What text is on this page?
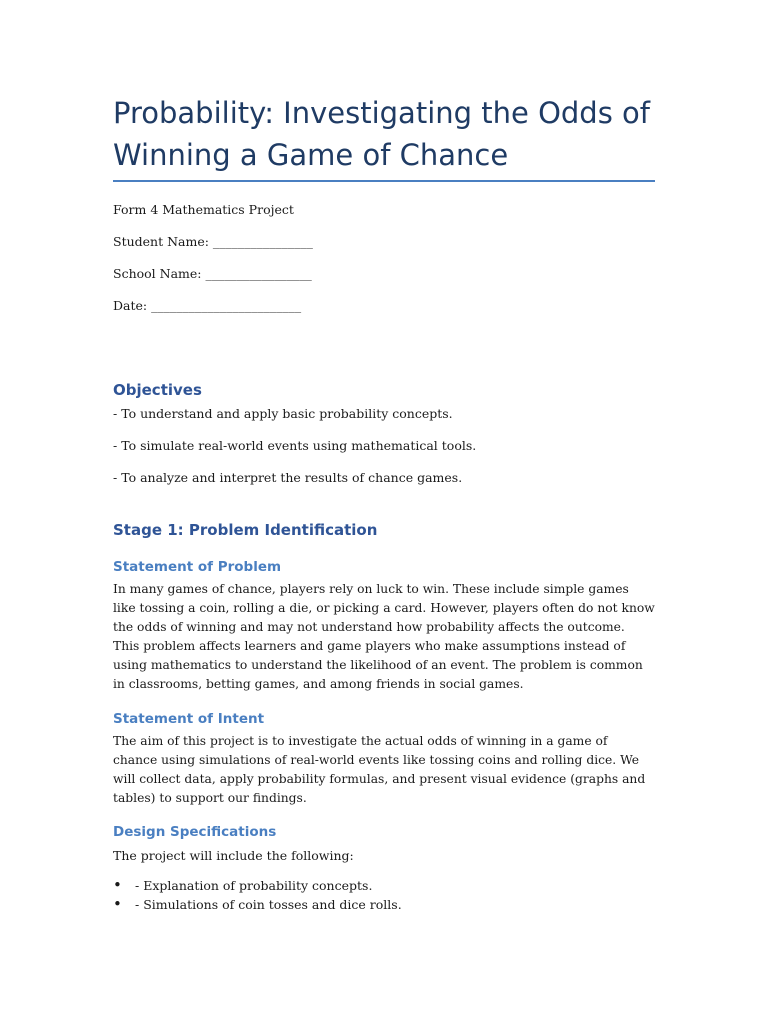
Probability: Investigating the Odds of Winning a Game of Chance

Form 4 Mathematics Project

Student Name: ________________

School Name: _________________

Date: ________________________

Objectives

- To understand and apply basic probability concepts.

- To simulate real-world events using mathematical tools.

- To analyze and interpret the results of chance games.

Stage 1: Problem Identification
Statement of Problem

In many games of chance, players rely on luck to win. These include simple games like tossing a coin, rolling a die, or picking a card. However, players often do not know the odds of winning and may not understand how probability affects the outcome. This problem affects learners and game players who make assumptions instead of using mathematics to understand the likelihood of an event. The problem is common in classrooms, betting games, and among friends in social games.

Statement of Intent

The aim of this project is to investigate the actual odds of winning in a game of chance using simulations of real-world events like tossing coins and rolling dice. We will collect data, apply probability formulas, and present visual evidence (graphs and tables) to support our findings.

Design Specifications

The project will include the following:

• - Explanation of probability concepts.
• - Simulations of coin tosses and dice rolls.
